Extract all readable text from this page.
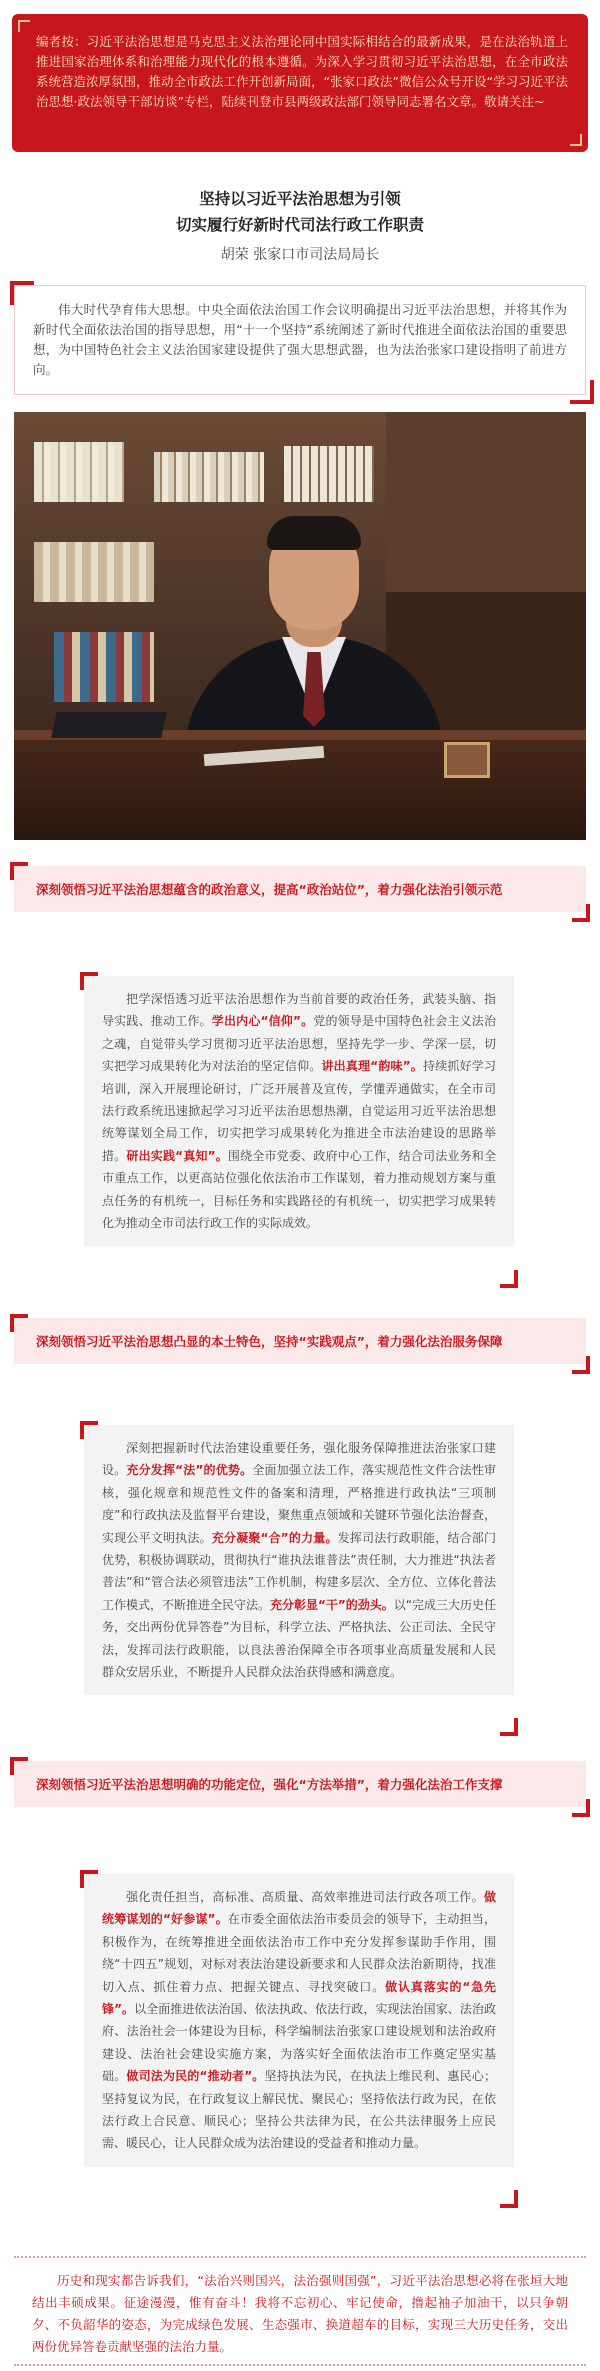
编者按：习近平法治思想是马克思主义法治理论同中国实际相结合的最新成果，是在法治轨道上推进国家治理体系和治理能力现代化的根本遵循。为深入学习贯彻习近平法治思想，在全市政法系统营造浓厚氛围，推动全市政法工作开创新局面，“张家口政法”微信公众号开设“学习习近平法治思想·政法领导干部访谈”专栏，陆续刊登市县两级政法部门领导同志署名文章。敬请关注~

坚持以习近平法治思想为引领

切实履行好新时代司法行政工作职责

胡荣 张家口市司法局局长

伟大时代孕育伟大思想。中央全面依法治国工作会议明确提出习近平法治思想，并将其作为新时代全面依法治国的指导思想，用“十一个坚持”系统阐述了新时代推进全面依法治国的重要思想，为中国特色社会主义法治国家建设提供了强大思想武器，也为法治张家口建设指明了前进方向。
深刻领悟习近平法治思想蕴含的政治意义，提高“政治站位”，着力强化法治引领示范
把学深悟透习近平法治思想作为当前首要的政治任务，武装头脑、指导实践、推动工作。学出内心“信仰”。党的领导是中国特色社会主义法治之魂，自觉带头学习贯彻习近平法治思想，坚持先学一步、学深一层，切实把学习成果转化为对法治的坚定信仰。讲出真理“韵味”。持续抓好学习培训，深入开展理论研讨，广泛开展普及宣传，学懂弄通做实，在全市司法行政系统迅速掀起学习习近平法治思想热潮，自觉运用习近平法治思想统筹谋划全局工作，切实把学习成果转化为推进全市法治建设的思路举措。研出实践“真知”。围绕全市党委、政府中心工作，结合司法业务和全市重点工作，以更高站位强化依法治市工作谋划，着力推动规划方案与重点任务的有机统一，目标任务和实践路径的有机统一，切实把学习成果转化为推动全市司法行政工作的实际成效。
深刻领悟习近平法治思想凸显的本土特色，坚持“实践观点”，着力强化法治服务保障
深刻把握新时代法治建设重要任务，强化服务保障推进法治张家口建设。充分发挥“法”的优势。全面加强立法工作，落实规范性文件合法性审核，强化规章和规范性文件的备案和清理，严格推进行政执法“三项制度”和行政执法及监督平台建设，聚焦重点领域和关键环节强化法治督查，实现公平文明执法。充分凝聚“合”的力量。发挥司法行政职能，结合部门优势，积极协调联动，贯彻执行“谁执法谁普法”责任制，大力推进“执法者普法”和“管合法必须管违法”工作机制，构建多层次、全方位、立体化普法工作模式，不断推进全民守法。充分彰显“干”的劲头。以“完成三大历史任务，交出两份优异答卷”为目标，科学立法、严格执法、公正司法、全民守法，发挥司法行政职能，以良法善治保障全市各项事业高质量发展和人民群众安居乐业，不断提升人民群众法治获得感和满意度。
深刻领悟习近平法治思想明确的功能定位，强化“方法举措”，着力强化法治工作支撑
强化责任担当，高标准、高质量、高效率推进司法行政各项工作。做统筹谋划的“好参谋”。在市委全面依法治市委员会的领导下，主动担当，积极作为，在统筹推进全面依法治市工作中充分发挥参谋助手作用，围绕“十四五”规划，对标对表法治建设新要求和人民群众法治新期待，找准切入点、抓住着力点、把握关键点、寻找突破口。做认真落实的“急先锋”。以全面推进依法治国、依法执政、依法行政，实现法治国家、法治政府、法治社会一体建设为目标，科学编制法治张家口建设规划和法治政府建设、法治社会建设实施方案，为落实好全面依法治市工作奠定坚实基础。做司法为民的“推动者”。坚持执法为民，在执法上维民利、惠民心；坚持复议为民，在行政复议上解民忧、聚民心；坚持依法行政为民，在依法行政上合民意、顺民心；坚持公共法律为民，在公共法律服务上应民需、暖民心，让人民群众成为法治建设的受益者和推动力量。
历史和现实都告诉我们，“法治兴则国兴，法治强则国强”，习近平法治思想必将在张垣大地结出丰硕成果。征途漫漫，惟有奋斗！我将不忘初心、牢记使命，撸起袖子加油干，以只争朝夕、不负韶华的姿态，为完成绿色发展、生态强市、换道超车的目标，实现三大历史任务，交出两份优异答卷贡献坚强的法治力量。
